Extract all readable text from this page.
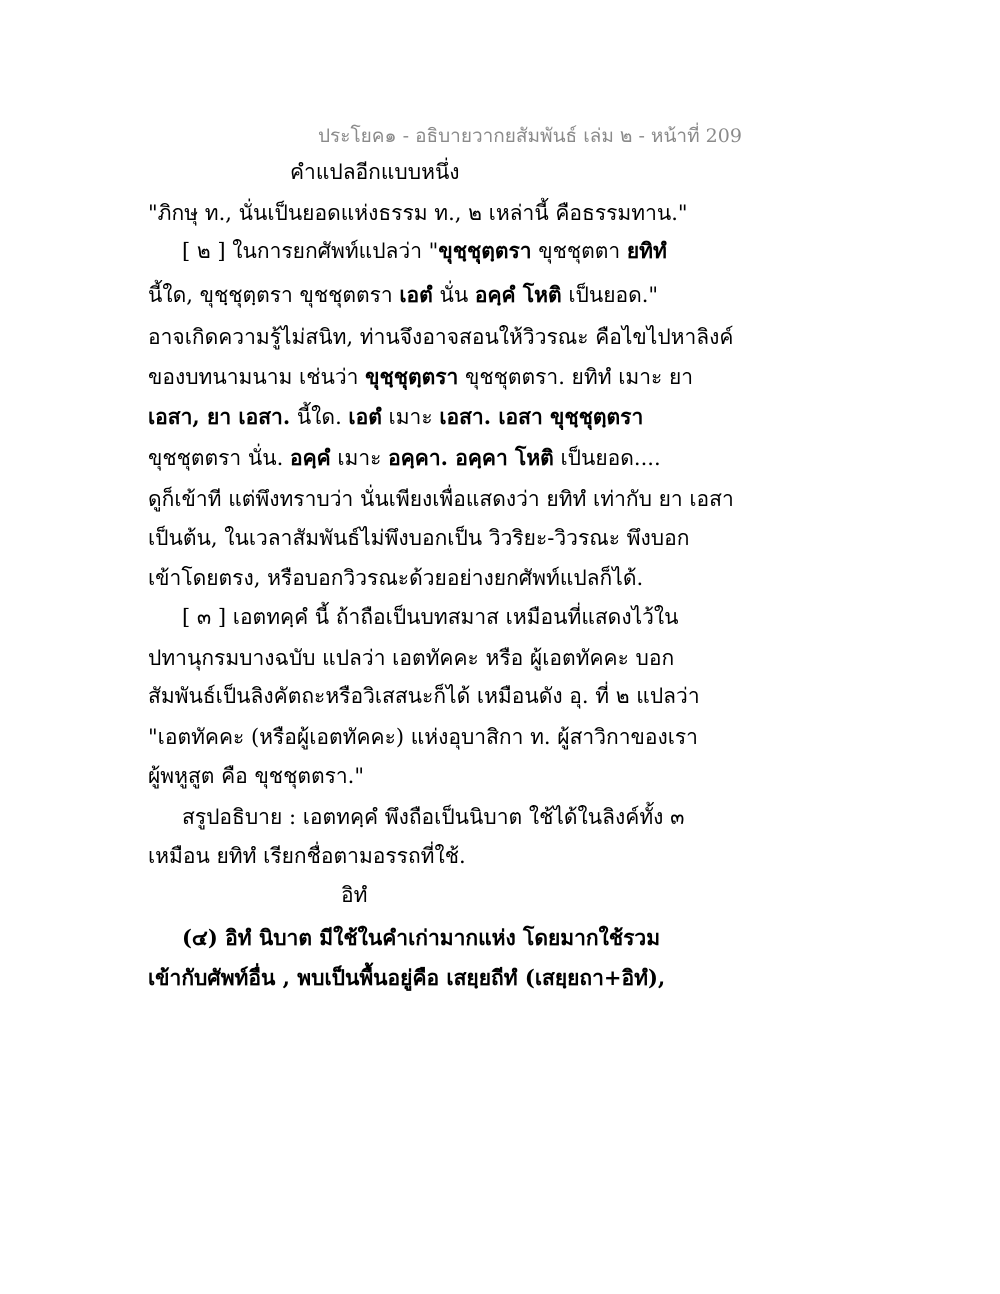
ประโยค๑ - อธิบายวากยสัมพันธ์ เล่ม ๒ - หน้าที่ 209
คำแปลอีกแบบหนึ่ง
"ภิกษุ ท., นั่นเป็นยอดแห่งธรรม ท., ๒ เหล่านี้ คือธรรมทาน."
[ ๒ ] ในการยกศัพท์แปลว่า "ขุชฺชุตฺตรา ขุชชุตตา ยทิทํ
นี้ใด, ขุชฺชุตฺตรา ขุชชุตตรา เอตํ นั่น อคฺคํ โหติ เป็นยอด."
อาจเกิดความรู้ไม่สนิท, ท่านจึงอาจสอนให้วิวรณะ คือไขไปหาลิงค์
ของบทนามนาม เช่นว่า ขุชฺชุตฺตรา ขุชชุตตรา. ยทิทํ เมาะ ยา
เอสา, ยา เอสา. นี้ใด. เอตํ เมาะ เอสา. เอสา ขุชฺชุตฺตรา
ขุชชุตตรา นั่น. อคฺคํ เมาะ อคฺคา. อคฺคา โหติ เป็นยอด....
ดูก็เข้าที แต่พึงทราบว่า นั่นเพียงเพื่อแสดงว่า ยทิทํ เท่ากับ ยา เอสา
เป็นต้น, ในเวลาสัมพันธ์ไม่พึงบอกเป็น วิวริยะ-วิวรณะ พึงบอก
เข้าโดยตรง, หรือบอกวิวรณะด้วยอย่างยกศัพท์แปลก็ได้.
[ ๓ ] เอตทคฺคํ นี้ ถ้าถือเป็นบทสมาส เหมือนที่แสดงไว้ใน
ปทานุกรมบางฉบับ แปลว่า เอตทัคคะ หรือ ผู้เอตทัคคะ บอก
สัมพันธ์เป็นลิงคัตถะหรือวิเสสนะก็ได้ เหมือนดัง อุ. ที่ ๒ แปลว่า
"เอตทัคคะ (หรือผู้เอตทัคคะ) แห่งอุบาสิกา ท. ผู้สาวิกาของเรา
ผู้พหูสูต คือ ขุชชุตตรา."
สรูปอธิบาย : เอตทคฺคํ พึงถือเป็นนิบาต ใช้ได้ในลิงค์ทั้ง ๓
เหมือน ยทิทํ เรียกชื่อตามอรรถที่ใช้.
อิทํ
(๔) อิทํ นิบาต มีใช้ในคำเก่ามากแห่ง โดยมากใช้รวม
เข้ากับศัพท์อื่น , พบเป็นพื้นอยู่คือ เสยฺยถีทํ (เสยฺยถา+อิทํ),
